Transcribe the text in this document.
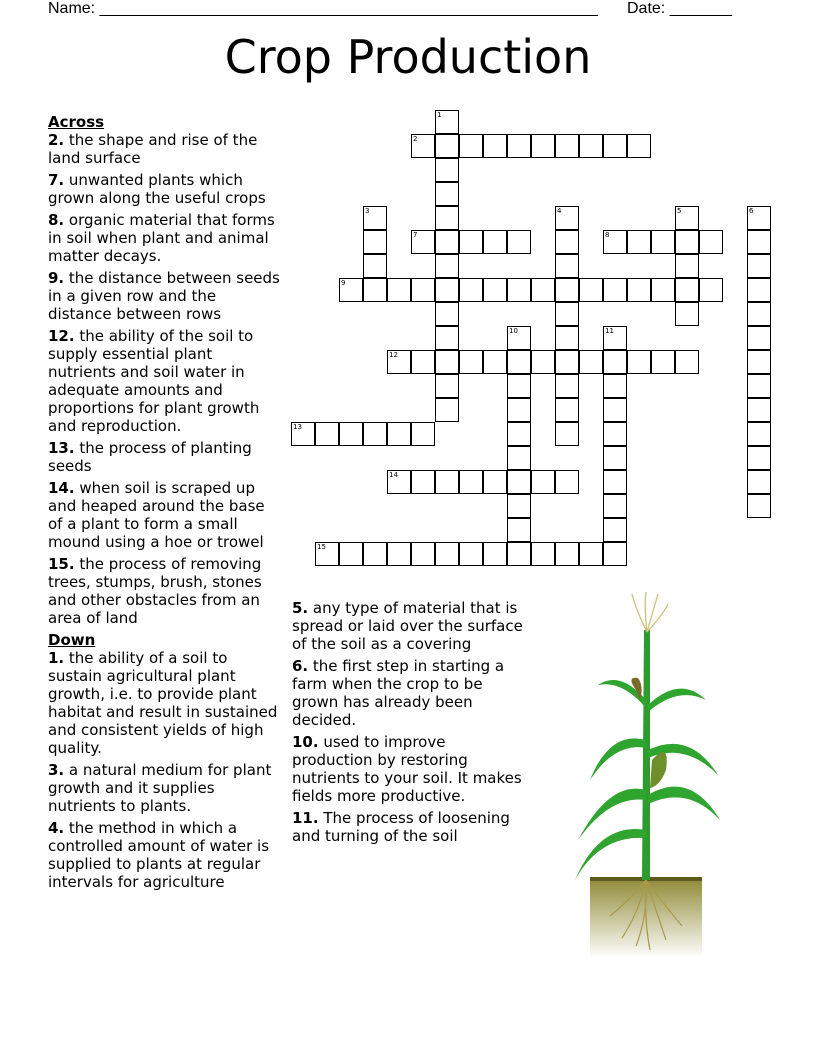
Name: ________________________________________________________ Date: _______
Crop Production
1
2
3	4	5	6
7	8
9
10	11
12
13
14
15

Across

2. the shape and rise of the land surface

7. unwanted plants which grown along the useful crops

8. organic material that forms in soil when plant and animal matter decays.

9. the distance between seeds in a given row and the distance between rows

12. the ability of the soil to supply essential plant nutrients and soil water in adequate amounts and proportions for plant growth and reproduction.

13. the process of planting seeds

14. when soil is scraped up and heaped around the base of a plant to form a small mound using a hoe or trowel

15. the process of removing trees, stumps, brush, stones and other obstacles from an area of land

Down

1. the ability of a soil to sustain agricultural plant growth, i.e. to provide plant habitat and result in sustained and consistent yields of high quality.

3. a natural medium for plant growth and it supplies nutrients to plants.

4. the method in which a controlled amount of water is supplied to plants at regular intervals for agriculture

5. any type of material that is spread or laid over the surface of the soil as a covering

6. the first step in starting a farm when the crop to be grown has already been decided.

10. used to improve production by restoring nutrients to your soil. It makes fields more productive.

11. The process of loosening and turning of the soil
